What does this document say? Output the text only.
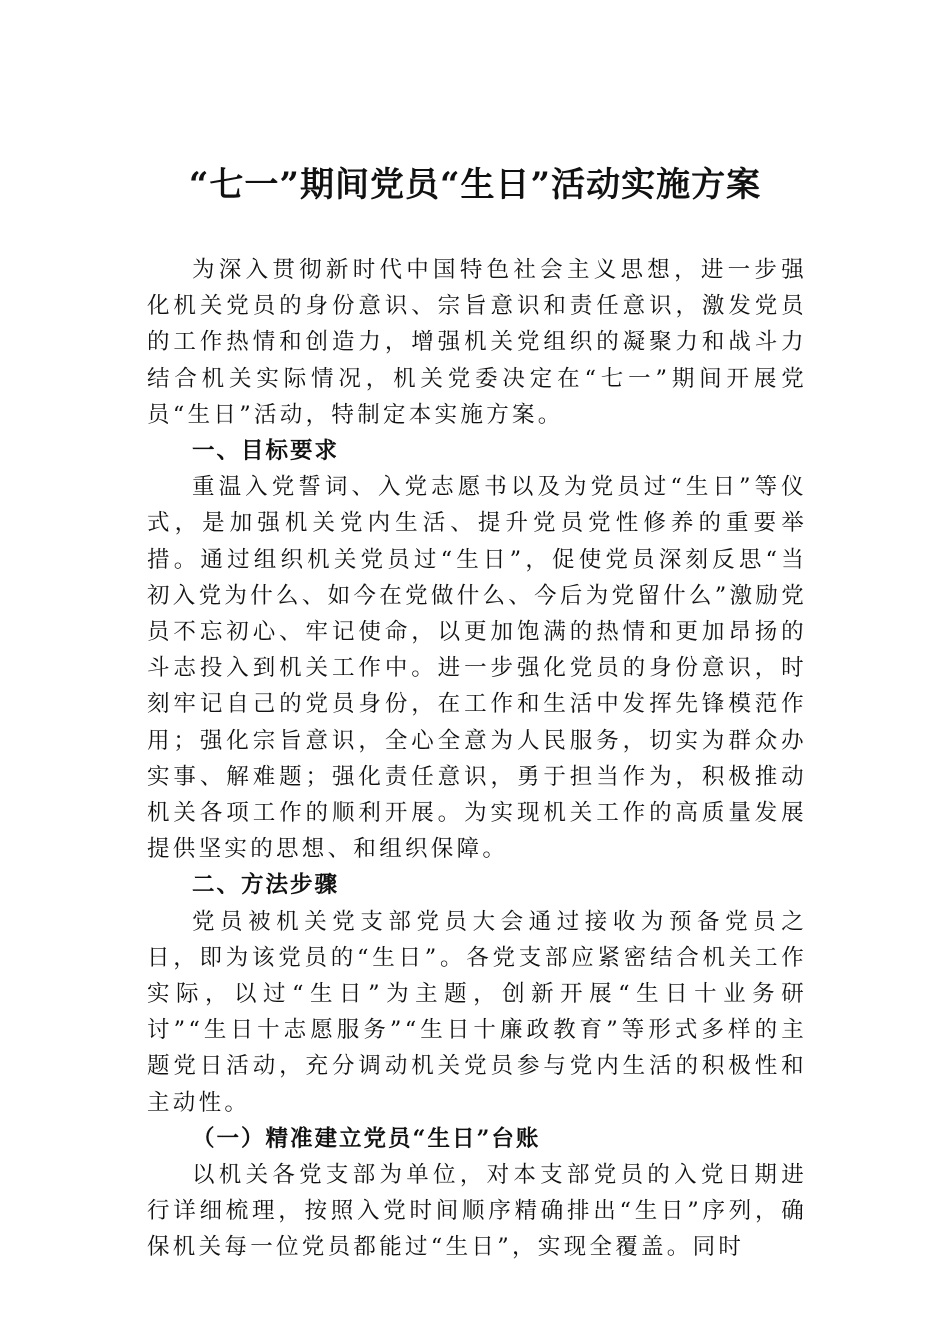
“七一”期间党员“生日”活动实施方案

为深入贯彻新时代中国特色社会主义思想，进一步强化机关党员的身份意识、宗旨意识和责任意识，激发党员的工作热情和创造力，增强机关党组织的凝聚力和战斗力结合机关实际情况，机关党委决定在“七一”期间开展党员“生日”活动，特制定本实施方案。

一、目标要求

重温入党誓词、入党志愿书以及为党员过“生日”等仪式，是加强机关党内生活、提升党员党性修养的重要举措。通过组织机关党员过“生日”，促使党员深刻反思“当初入党为什么、如今在党做什么、今后为党留什么”激励党员不忘初心、牢记使命，以更加饱满的热情和更加昂扬的斗志投入到机关工作中。进一步强化党员的身份意识，时刻牢记自己的党员身份，在工作和生活中发挥先锋模范作用；强化宗旨意识，全心全意为人民服务，切实为群众办实事、解难题；强化责任意识，勇于担当作为，积极推动机关各项工作的顺利开展。为实现机关工作的高质量发展提供坚实的思想、和组织保障。

二、方法步骤

党员被机关党支部党员大会通过接收为预备党员之日，即为该党员的“生日”。各党支部应紧密结合机关工作实际，以过“生日”为主题，创新开展“生日十业务研讨”“生日十志愿服务”“生日十廉政教育”等形式多样的主题党日活动，充分调动机关党员参与党内生活的积极性和主动性。

（一）精准建立党员“生日”台账

以机关各党支部为单位，对本支部党员的入党日期进行详细梳理，按照入党时间顺序精确排出“生日”序列，确保机关每一位党员都能过“生日”，实现全覆盖。同时
